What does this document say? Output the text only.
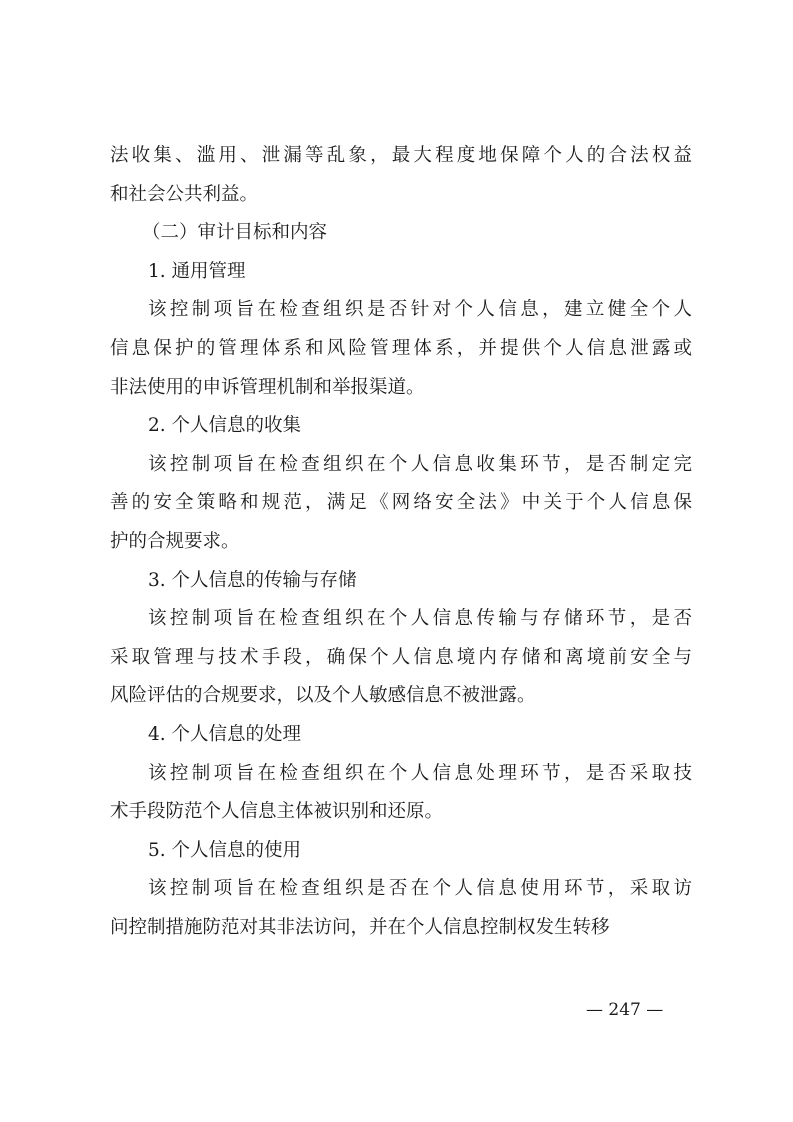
法收集、滥用、泄漏等乱象，最大程度地保障个人的合法权益
和社会公共利益。
（二）审计目标和内容
1. 通用管理
该控制项旨在检查组织是否针对个人信息，建立健全个人
信息保护的管理体系和风险管理体系，并提供个人信息泄露或
非法使用的申诉管理机制和举报渠道。
2. 个人信息的收集
该控制项旨在检查组织在个人信息收集环节，是否制定完
善的安全策略和规范，满足《网络安全法》中关于个人信息保
护的合规要求。
3. 个人信息的传输与存储
该控制项旨在检查组织在个人信息传输与存储环节，是否
采取管理与技术手段，确保个人信息境内存储和离境前安全与
风险评估的合规要求，以及个人敏感信息不被泄露。
4. 个人信息的处理
该控制项旨在检查组织在个人信息处理环节，是否采取技
术手段防范个人信息主体被识别和还原。
5. 个人信息的使用
该控制项旨在检查组织是否在个人信息使用环节，采取访
问控制措施防范对其非法访问，并在个人信息控制权发生转移
— 247 —
